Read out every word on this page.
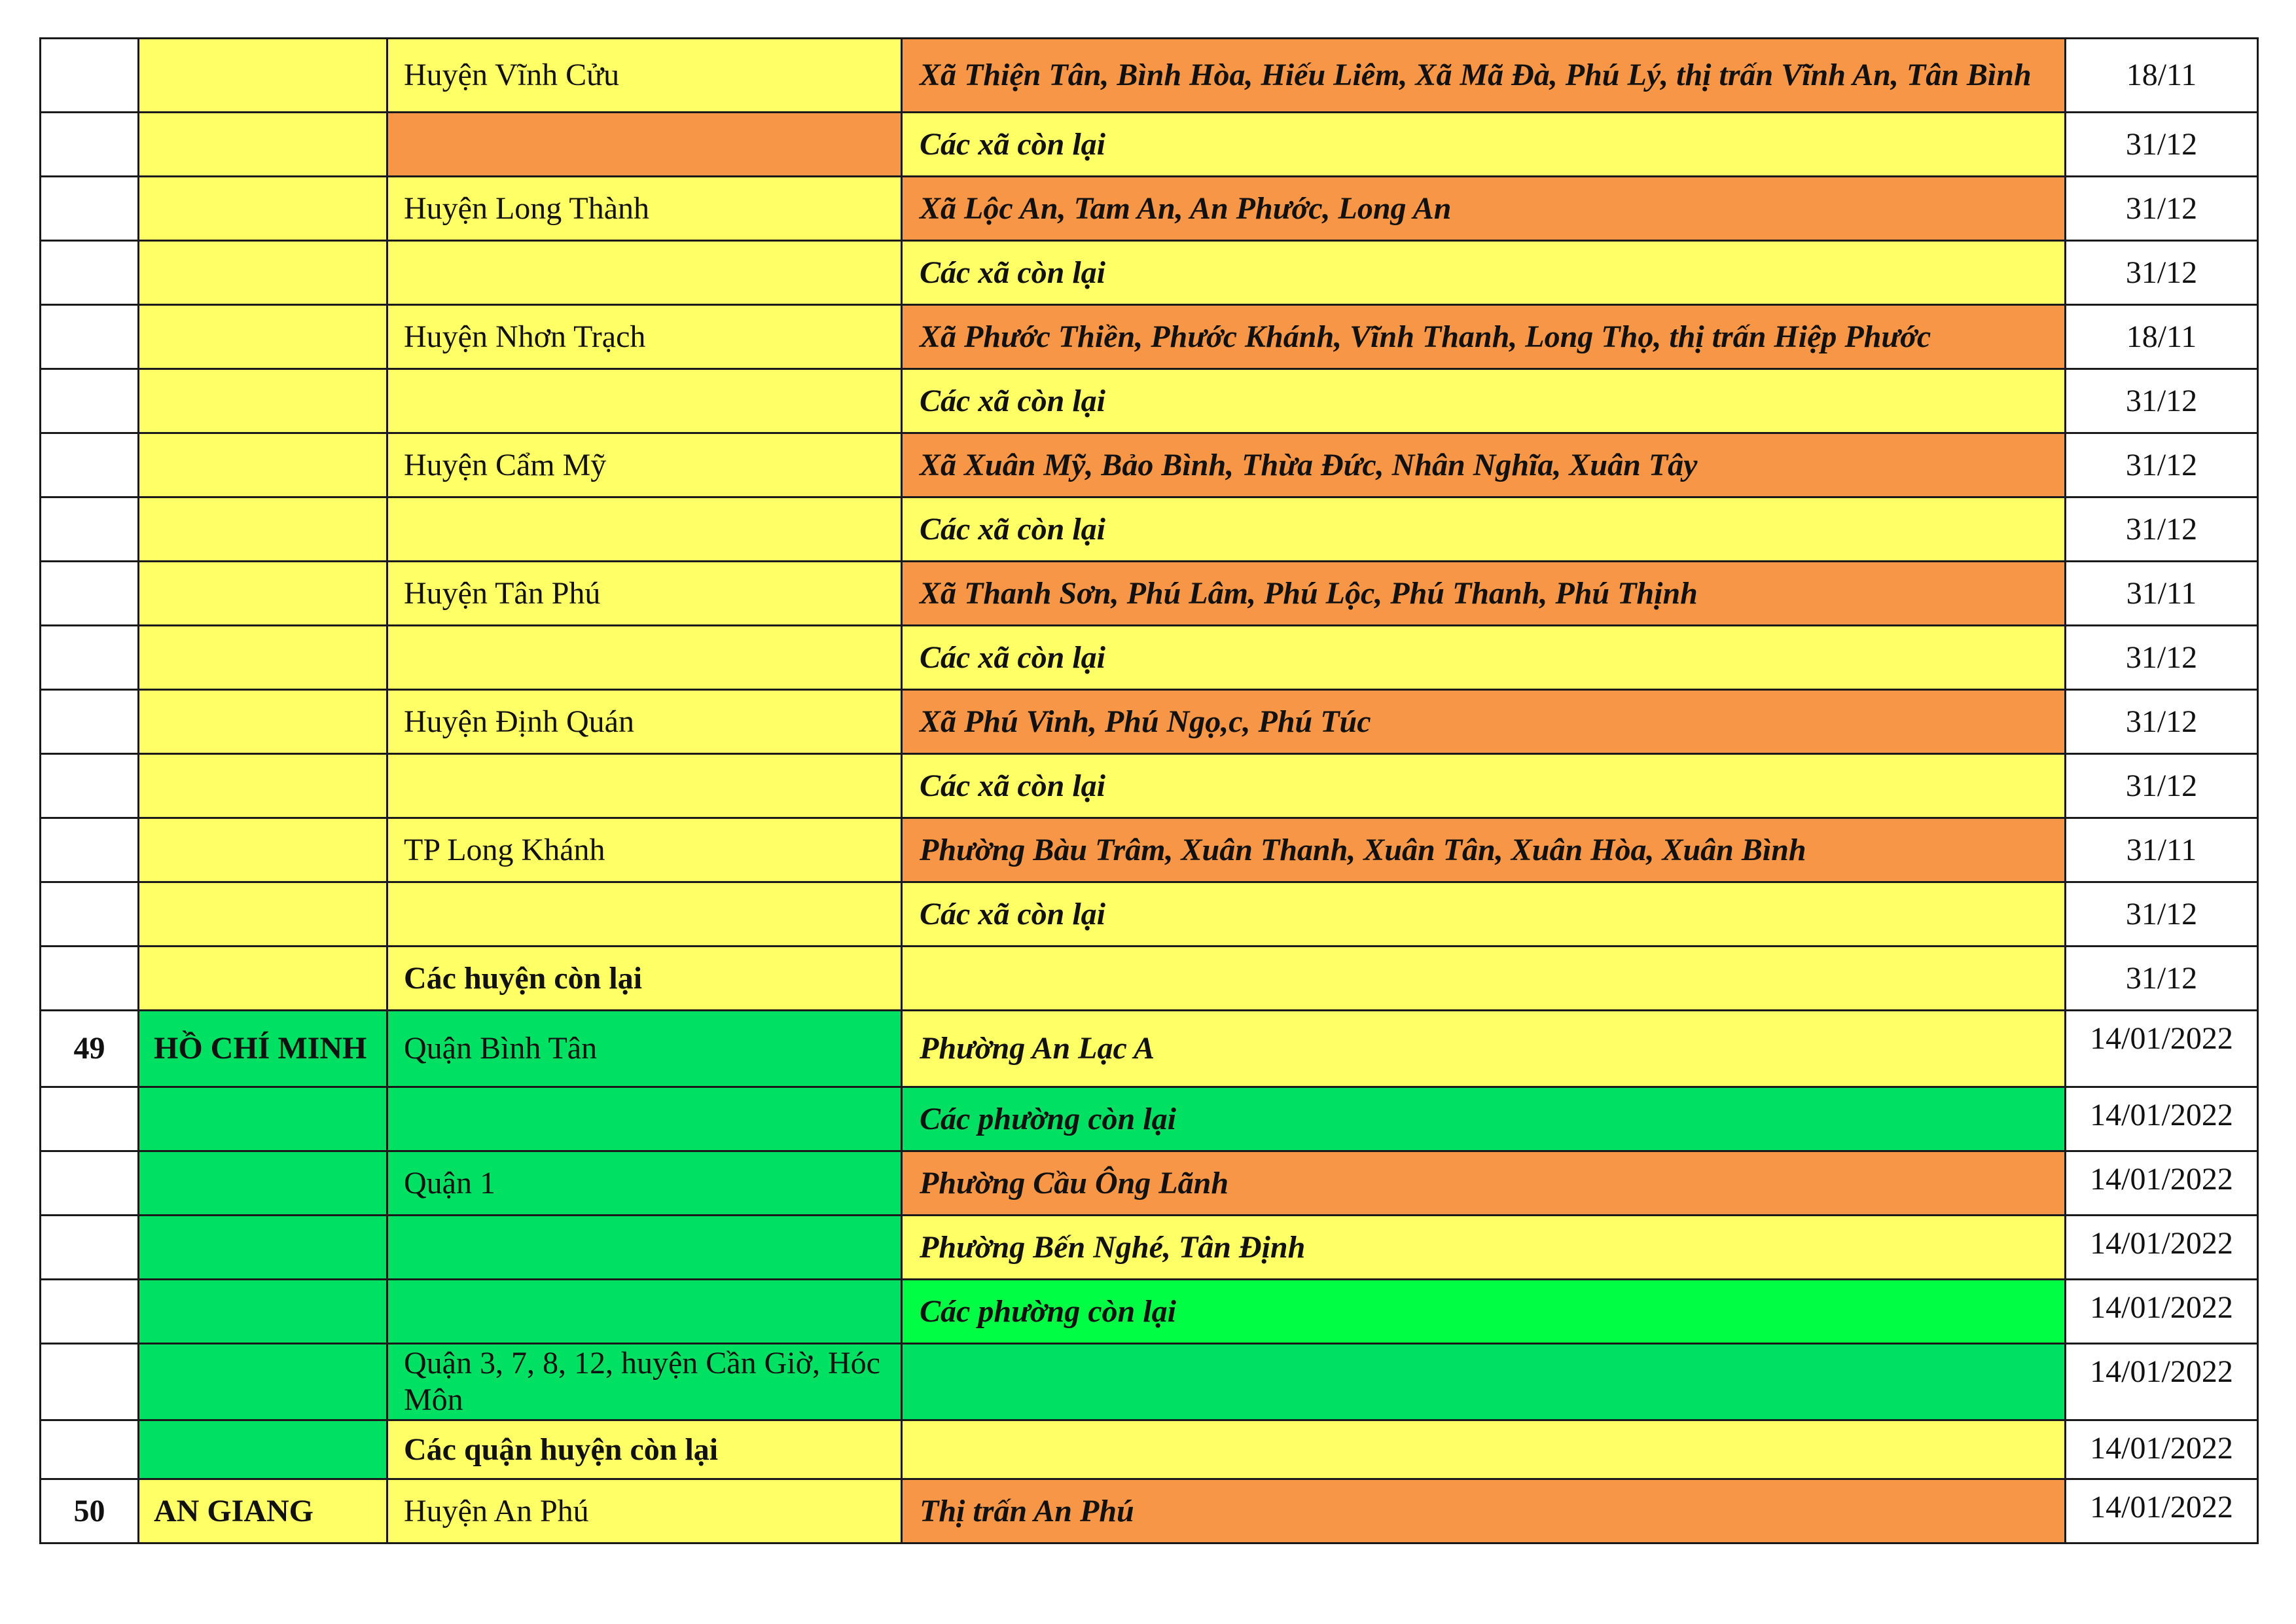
		Huyện Vĩnh Cửu	Xã Thiện Tân, Bình Hòa, Hiếu Liêm, Xã Mã Đà, Phú Lý, thị trấn Vĩnh An, Tân Bình	18/11
			Các xã còn lại	31/12
		Huyện Long Thành	Xã Lộc An, Tam An, An Phước, Long An	31/12
			Các xã còn lại	31/12
		Huyện Nhơn Trạch	Xã Phước Thiền, Phước Khánh, Vĩnh Thanh, Long Thọ, thị trấn Hiệp Phước	18/11
			Các xã còn lại	31/12
		Huyện Cẩm Mỹ	Xã Xuân Mỹ, Bảo Bình, Thừa Đức, Nhân Nghĩa, Xuân Tây	31/12
			Các xã còn lại	31/12
		Huyện Tân Phú	Xã Thanh Sơn, Phú Lâm, Phú Lộc, Phú Thanh, Phú Thịnh	31/11
			Các xã còn lại	31/12
		Huyện Định Quán	Xã Phú Vinh, Phú Ngọ,c, Phú Túc	31/12
			Các xã còn lại	31/12
		TP Long Khánh	Phường Bàu Trâm, Xuân Thanh, Xuân Tân, Xuân Hòa, Xuân Bình	31/11
			Các xã còn lại	31/12
		Các huyện còn lại		31/12
49	HỒ CHÍ MINH	Quận Bình Tân	Phường An Lạc A	14/01/2022
			Các phường còn lại	14/01/2022
		Quận 1	Phường Cầu Ông Lãnh	14/01/2022
			Phường Bến Nghé, Tân Định	14/01/2022
			Các phường còn lại	14/01/2022
		Quận 3, 7, 8, 12, huyện Cần Giờ, Hóc Môn		14/01/2022
		Các quận huyện còn lại		14/01/2022
50	AN GIANG	Huyện An Phú	Thị trấn An Phú	14/01/2022
